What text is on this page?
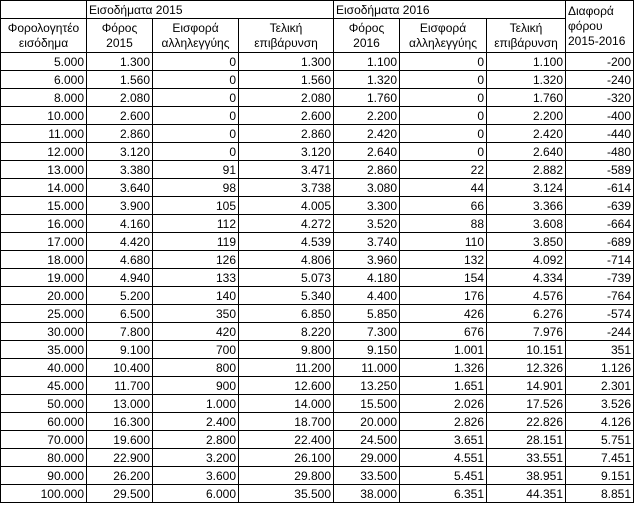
	Εισοδήματα 2015			Εισοδήματα 2016			Διαφορά φόρου 2015-2016
Φορολογητέο εισόδημα	Φόρος 2015	Εισφορά αλληλεγγύης	Τελική επιβάρυνση	Φόρος 2016	Εισφορά αλληλεγγύης	Τελική επιβάρυνση	
5.000	1.300	0	1.300	1.100	0	1.100	-200
6.000	1.560	0	1.560	1.320	0	1.320	-240
8.000	2.080	0	2.080	1.760	0	1.760	-320
10.000	2.600	0	2.600	2.200	0	2.200	-400
11.000	2.860	0	2.860	2.420	0	2.420	-440
12.000	3.120	0	3.120	2.640	0	2.640	-480
13.000	3.380	91	3.471	2.860	22	2.882	-589
14.000	3.640	98	3.738	3.080	44	3.124	-614
15.000	3.900	105	4.005	3.300	66	3.366	-639
16.000	4.160	112	4.272	3.520	88	3.608	-664
17.000	4.420	119	4.539	3.740	110	3.850	-689
18.000	4.680	126	4.806	3.960	132	4.092	-714
19.000	4.940	133	5.073	4.180	154	4.334	-739
20.000	5.200	140	5.340	4.400	176	4.576	-764
25.000	6.500	350	6.850	5.850	426	6.276	-574
30.000	7.800	420	8.220	7.300	676	7.976	-244
35.000	9.100	700	9.800	9.150	1.001	10.151	351
40.000	10.400	800	11.200	11.000	1.326	12.326	1.126
45.000	11.700	900	12.600	13.250	1.651	14.901	2.301
50.000	13.000	1.000	14.000	15.500	2.026	17.526	3.526
60.000	16.300	2.400	18.700	20.000	2.826	22.826	4.126
70.000	19.600	2.800	22.400	24.500	3.651	28.151	5.751
80.000	22.900	3.200	26.100	29.000	4.551	33.551	7.451
90.000	26.200	3.600	29.800	33.500	5.451	38.951	9.151
100.000	29.500	6.000	35.500	38.000	6.351	44.351	8.851
